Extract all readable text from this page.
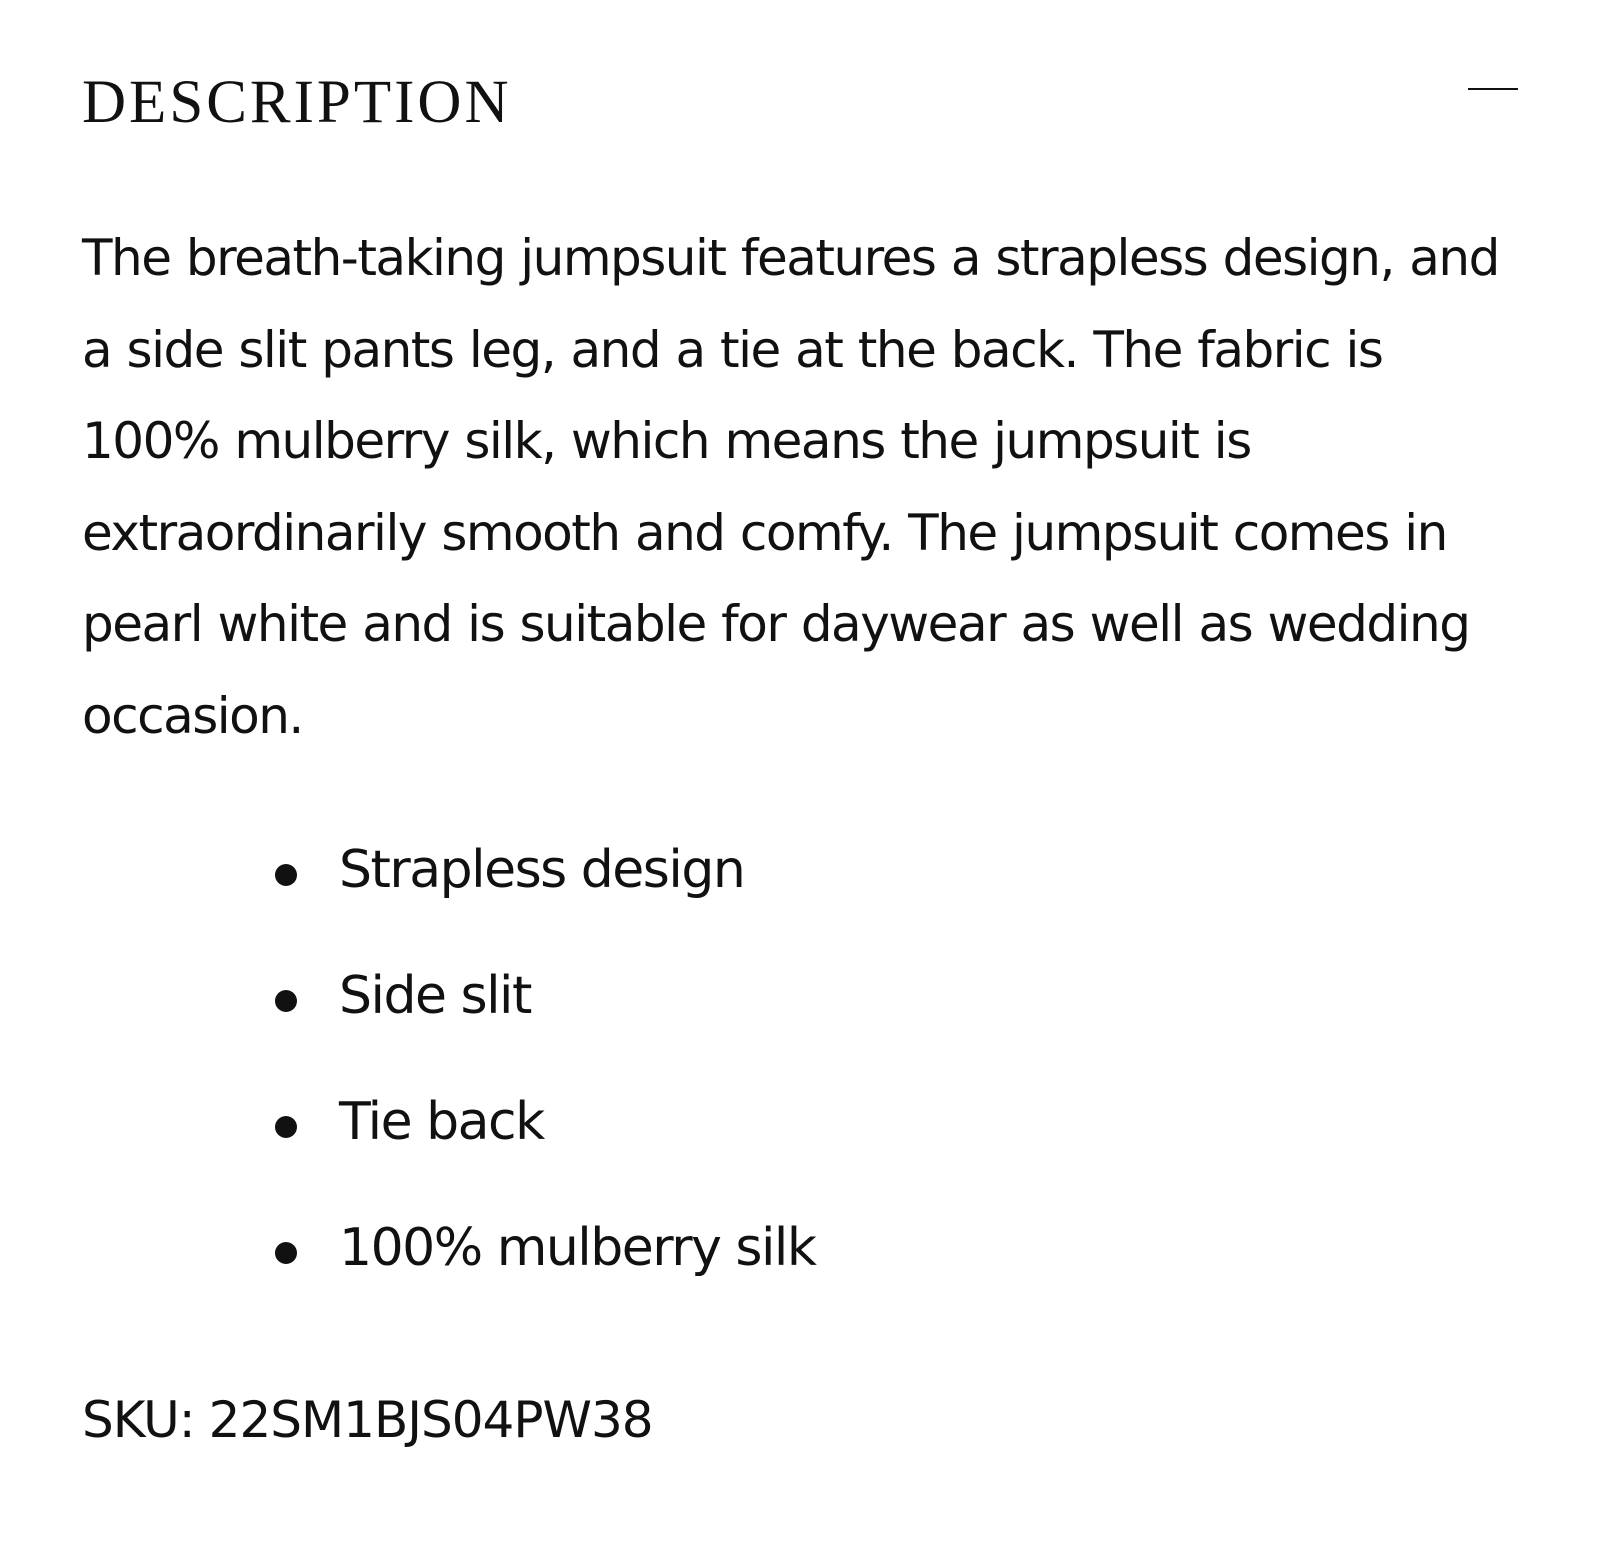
DESCRIPTION

The breath-taking jumpsuit features a strapless design, and a side slit pants leg, and a tie at the back. The fabric is 100% mulberry silk, which means the jumpsuit is extraordinarily smooth and comfy. The jumpsuit comes in pearl white and is suitable for daywear as well as wedding occasion.

Strapless design
Side slit
Tie back
100% mulberry silk
SKU: 22SM1BJS04PW38
